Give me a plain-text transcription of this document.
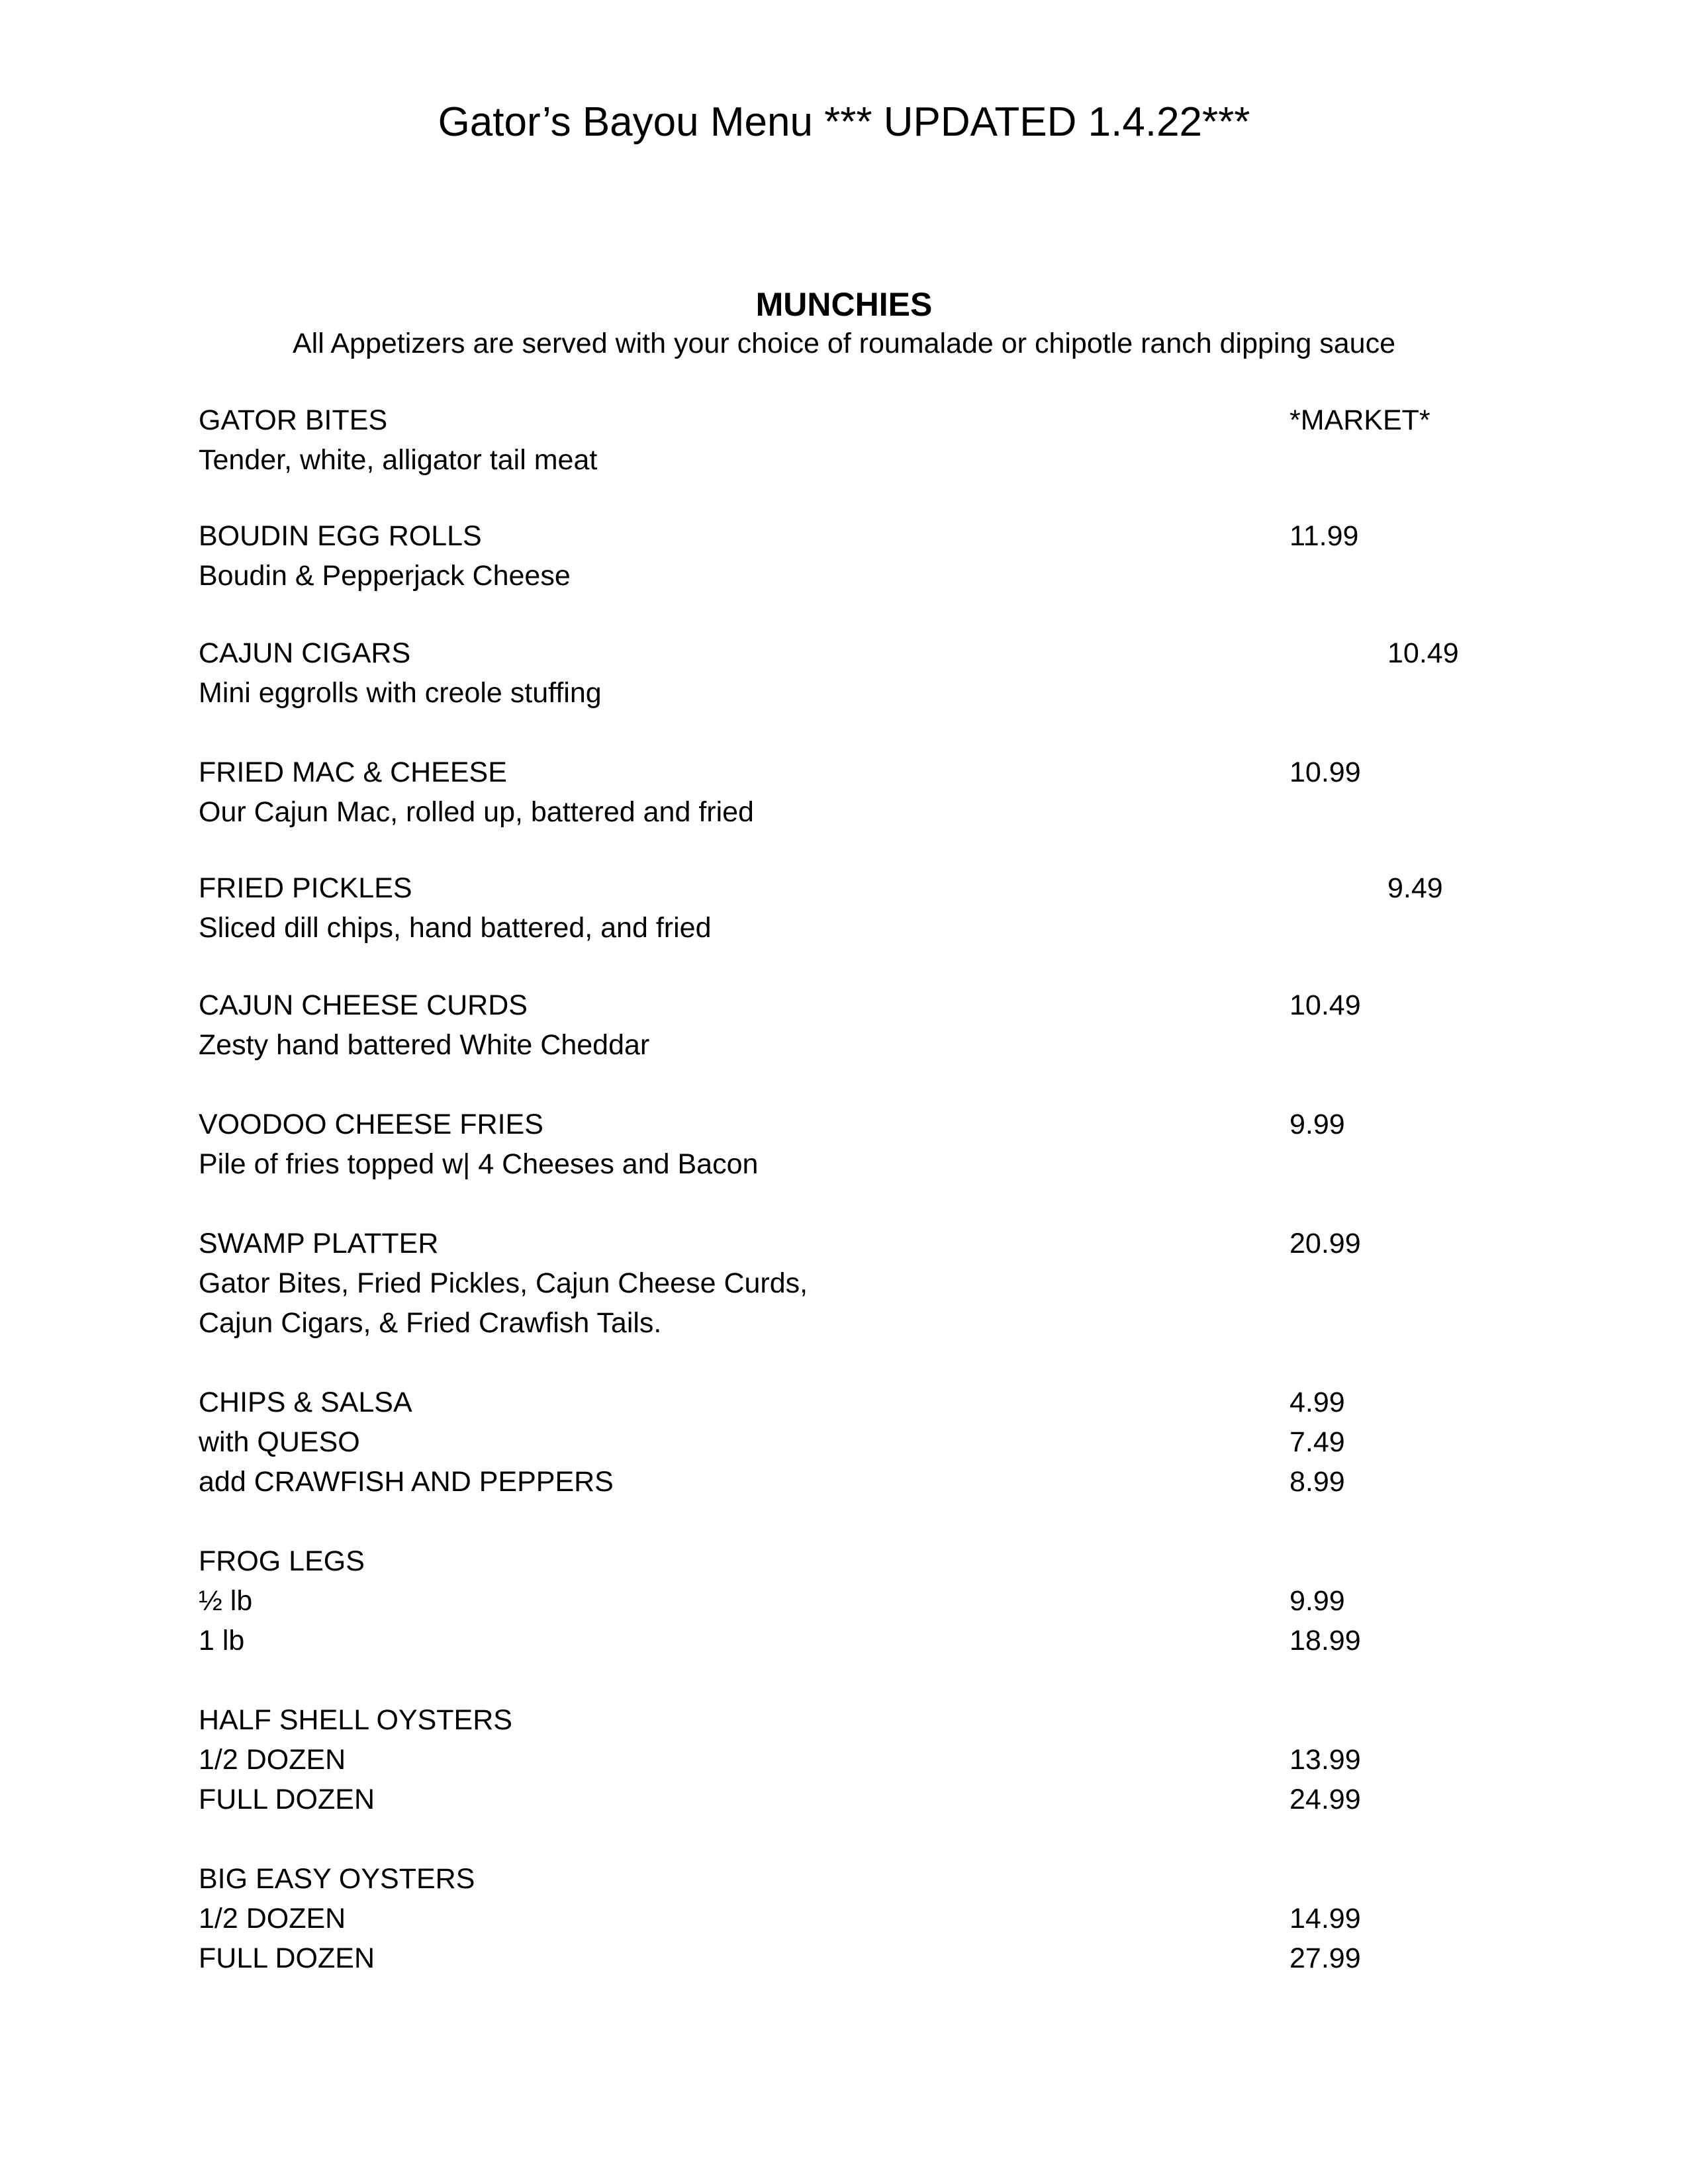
Gator’s Bayou Menu *** UPDATED 1.4.22***
MUNCHIES
All Appetizers are served with your choice of roumalade or chipotle ranch dipping sauce
GATOR BITES	*MARKET*
Tender, white, alligator tail meat
BOUDIN EGG ROLLS	11.99
Boudin & Pepperjack Cheese
CAJUN CIGARS	10.49
Mini eggrolls with creole stuffing
FRIED MAC & CHEESE	10.99
Our Cajun Mac, rolled up, battered and fried
FRIED PICKLES	9.49
Sliced dill chips, hand battered, and fried
CAJUN CHEESE CURDS	10.49
Zesty hand battered White Cheddar
VOODOO CHEESE FRIES	9.99
Pile of fries topped w| 4 Cheeses and Bacon
SWAMP PLATTER	20.99
Gator Bites, Fried Pickles, Cajun Cheese Curds,
Cajun Cigars, & Fried Crawfish Tails.
CHIPS & SALSA	4.99
with QUESO	7.49
add CRAWFISH AND PEPPERS	8.99
FROG LEGS
½ lb	9.99
1 lb	18.99
HALF SHELL OYSTERS
1/2 DOZEN	13.99
FULL DOZEN	24.99
BIG EASY OYSTERS
1/2 DOZEN	14.99
FULL DOZEN	27.99
